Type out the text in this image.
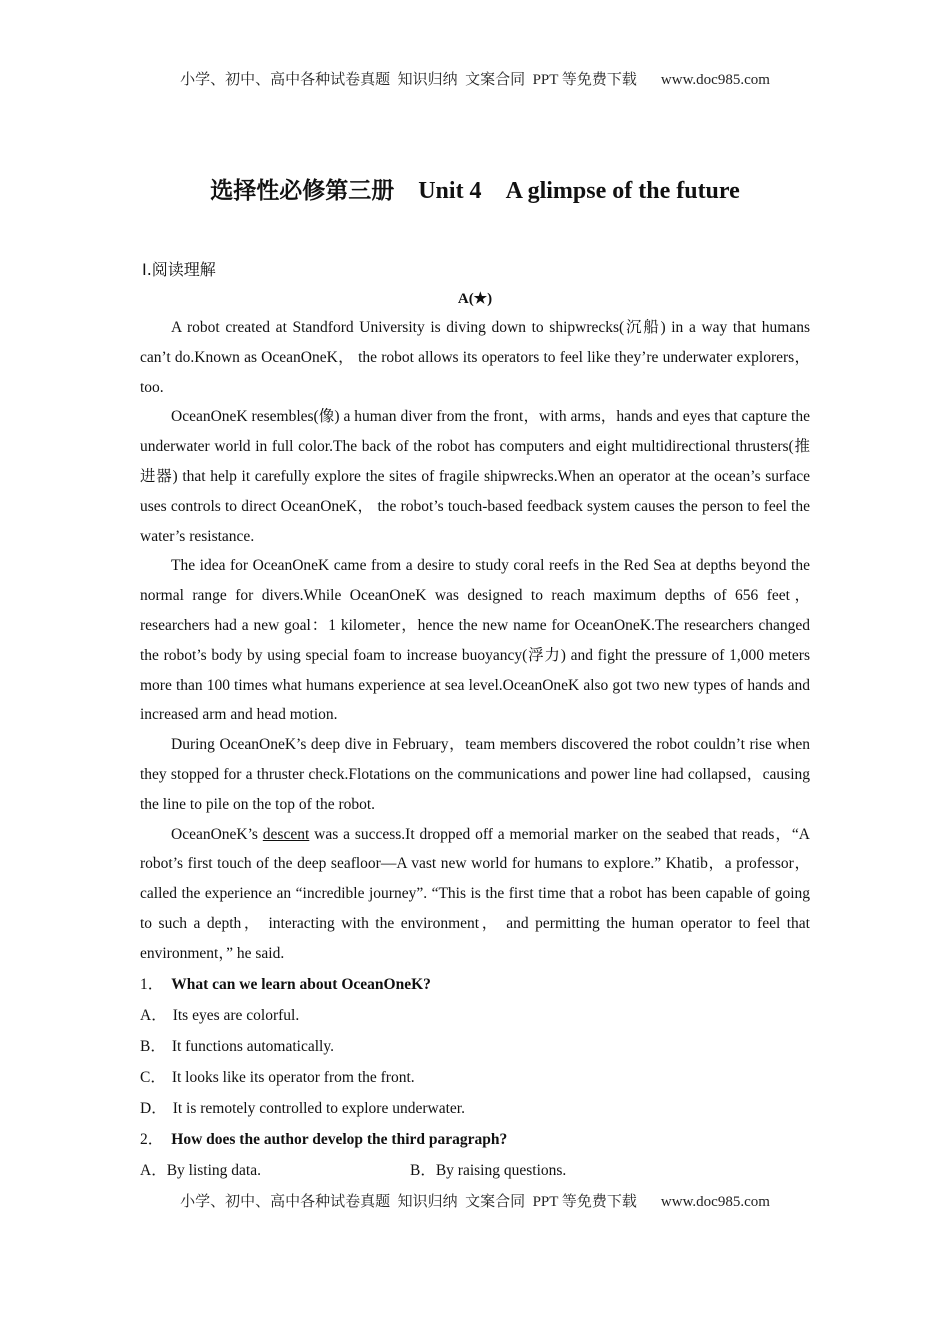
小学、初中、高中各种试卷真题  知识归纳  文案合同  PPT 等免费下载 www.doc985.com
选择性必修第三册 Unit 4 A glimpse of the future
Ⅰ.阅读理解
A(★)

A robot created at Standford University is diving down to shipwrecks(沉船) in a way that humans can’t do.Known as OceanOneK， the robot allows its operators to feel like they’re underwater explorers，too.

OceanOneK resembles(像) a human diver from the front，with arms，hands and eyes that capture the underwater world in full color.The back of the robot has computers and eight multidirectional thrusters(推进器) that help it carefully explore the sites of fragile shipwrecks.When an operator at the ocean’s surface uses controls to direct OceanOneK， the robot’s touch-based feedback system causes the person to feel the water’s resistance.

The idea for OceanOneK came from a desire to study coral reefs in the Red Sea at depths beyond the normal range for divers.While OceanOneK was designed to reach maximum depths of 656 feet，researchers had a new goal：1 kilometer，hence the new name for OceanOneK.The researchers changed the robot’s body by using special foam to increase buoyancy(浮力) and fight the pressure of 1,000 meters more than 100 times what humans experience at sea level.OceanOneK also got two new types of hands and increased arm and head motion.

During OceanOneK’s deep dive in February，team members discovered the robot couldn’t rise when they stopped for a thruster check.Flotations on the communications and power line had collapsed，causing the line to pile on the top of the robot.

OceanOneK’s descent was a success.It dropped off a memorial marker on the seabed that reads，“A robot’s first touch of the deep seafloor—A vast new world for humans to explore.” Khatib，a professor，called the experience an “incredible journey”. “This is the first time that a robot has been capable of going to such a depth， interacting with the environment， and permitting the human operator to feel that environment，” he said.

1． What can we learn about OceanOneK?

A． Its eyes are colorful.

B． It functions automatically.

C． It looks like its operator from the front.

D． It is remotely controlled to explore underwater.

2． How does the author develop the third paragraph?

A．By listing data.	B．By raising questions.
小学、初中、高中各种试卷真题  知识归纳  文案合同  PPT 等免费下载 www.doc985.com
